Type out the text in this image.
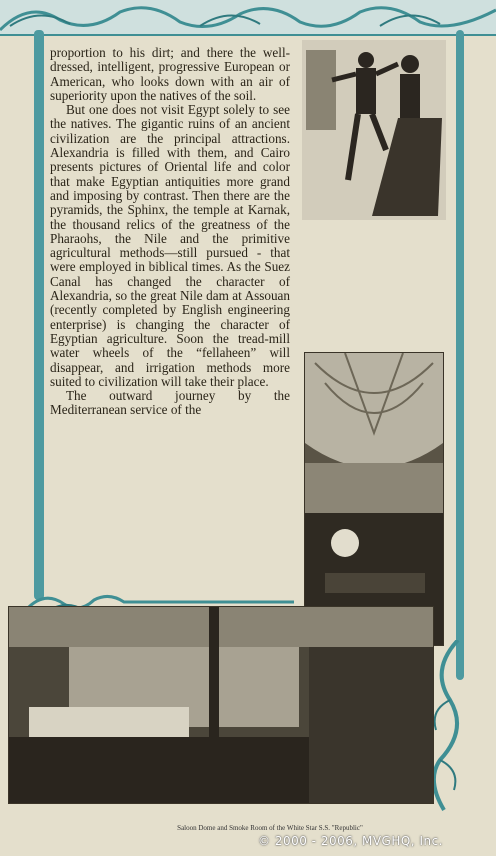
proportion to his dirt; and there the well-dressed, intelligent, progressive European or American, who looks down with an air of superiority upon the natives of the soil.

But one does not visit Egypt solely to see the natives. The gigantic ruins of an ancient civilization are the principal attractions. Alexandria is filled with them, and Cairo presents pictures of Oriental life and color that make Egyptian antiquities more grand and imposing by contrast. Then there are the pyramids, the Sphinx, the temple at Karnak, the thousand relics of the greatness of the Pharaohs, the Nile and the primitive agricultural methods—still pursued - that were employed in biblical times. As the Suez Canal has changed the character of Alexandria, so the great Nile dam at Assouan (recently completed by English engineering enterprise) is changing the character of Egyptian agriculture. Soon the tread-mill water wheels of the “fellaheen” will disappear, and irrigation methods more suited to civilization will take their place.

The outward journey by the Mediterranean service of the

Saloon Dome and Smoke Room of the White Star S.S. "Republic"
© 2000 - 2006, MVGHQ, Inc.
